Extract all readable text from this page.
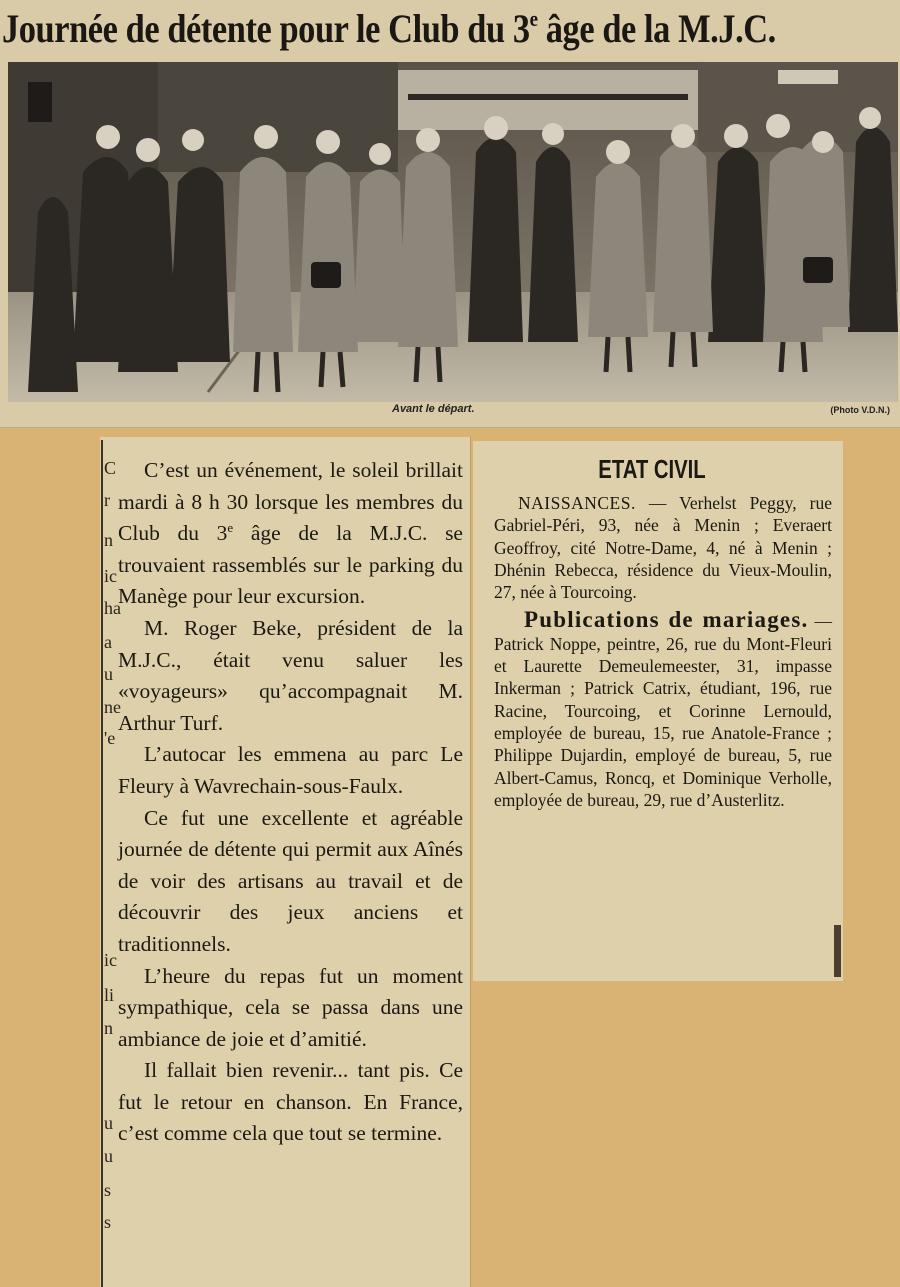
Journée de détente pour le Club du 3e âge de la M.J.C.
Avant le départ.	(Photo V.D.N.)
C
r
n
ic
ha
a
u
ne
'e
ic
li
n
u
u
s
s

C’est un événement, le soleil brillait mardi à 8 h 30 lorsque les membres du Club du 3e âge de la M.J.C. se trouvaient rassemblés sur le parking du Manège pour leur excursion.

M. Roger Beke, président de la M.J.C., était venu saluer les «voyageurs» qu’accompagnait M. Arthur Turf.

L’autocar les emmena au parc Le Fleury à Wavrechain-sous-Faulx.

Ce fut une excellente et agréable journée de détente qui permit aux Aînés de voir des artisans au travail et de découvrir des jeux anciens et traditionnels.

L’heure du repas fut un moment sympathique, cela se passa dans une ambiance de joie et d’amitié.

Il fallait bien revenir... tant pis. Ce fut le retour en chanson. En France, c’est comme cela que tout se termine.

ETAT CIVIL

NAISSANCES. — Verhelst Peggy, rue Gabriel-Péri, 93, née à Menin ; Everaert Geoffroy, cité Notre-Dame, 4, né à Menin ; Dhénin Rebecca, résidence du Vieux-Moulin, 27, née à Tourcoing.

Publications de mariages. — Patrick Noppe, peintre, 26, rue du Mont-Fleuri et Laurette Demeulemeester, 31, impasse Inkerman ; Patrick Catrix, étudiant, 196, rue Racine, Tourcoing, et Corinne Lernould, employée de bureau, 15, rue Anatole-France ; Philippe Dujardin, employé de bureau, 5, rue Albert-Camus, Roncq, et Dominique Verholle, employée de bureau, 29, rue d’Austerlitz.
